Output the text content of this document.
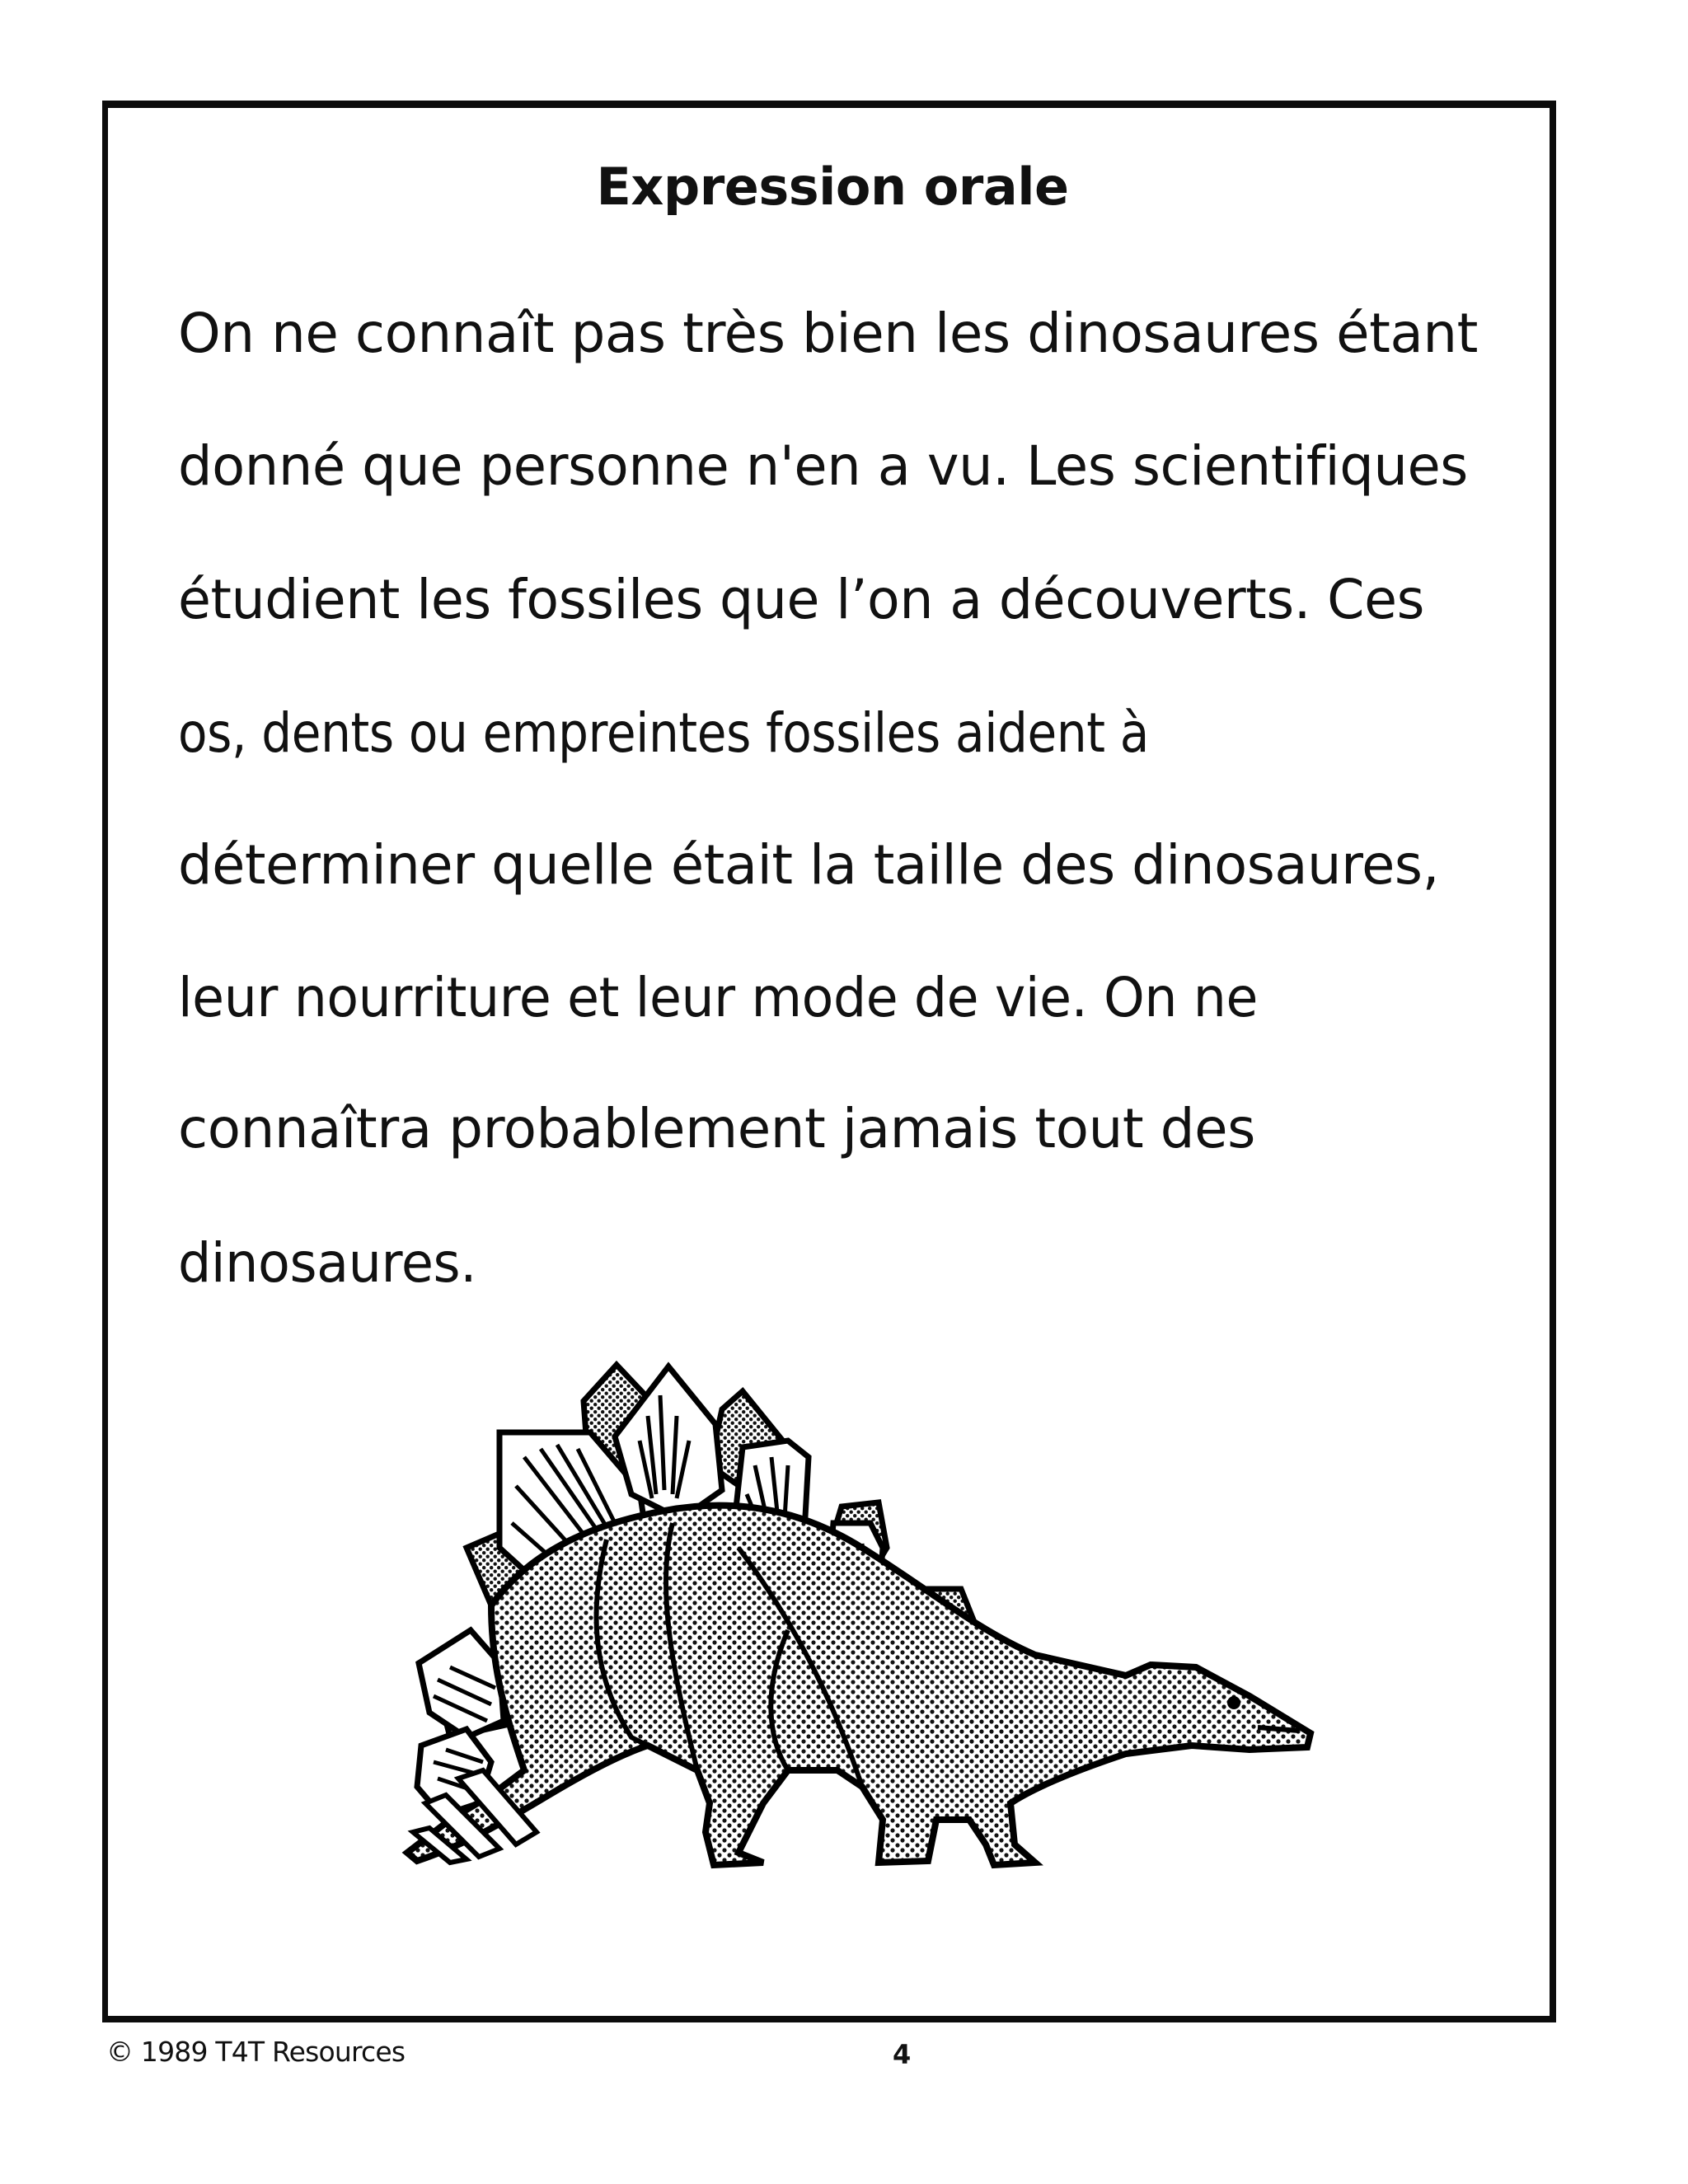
Expression orale
On ne connaît pas très bien les dinosaures étant
donné que personne n'en a vu. Les scientifiques
étudient les fossiles que l’on a découverts. Ces
os, dents ou empreintes fossiles aident à
déterminer quelle était la taille des dinosaures,
leur nourriture et leur mode de vie. On ne
connaîtra probablement jamais tout des
dinosaures.
© 1989 T4T Resources	4
